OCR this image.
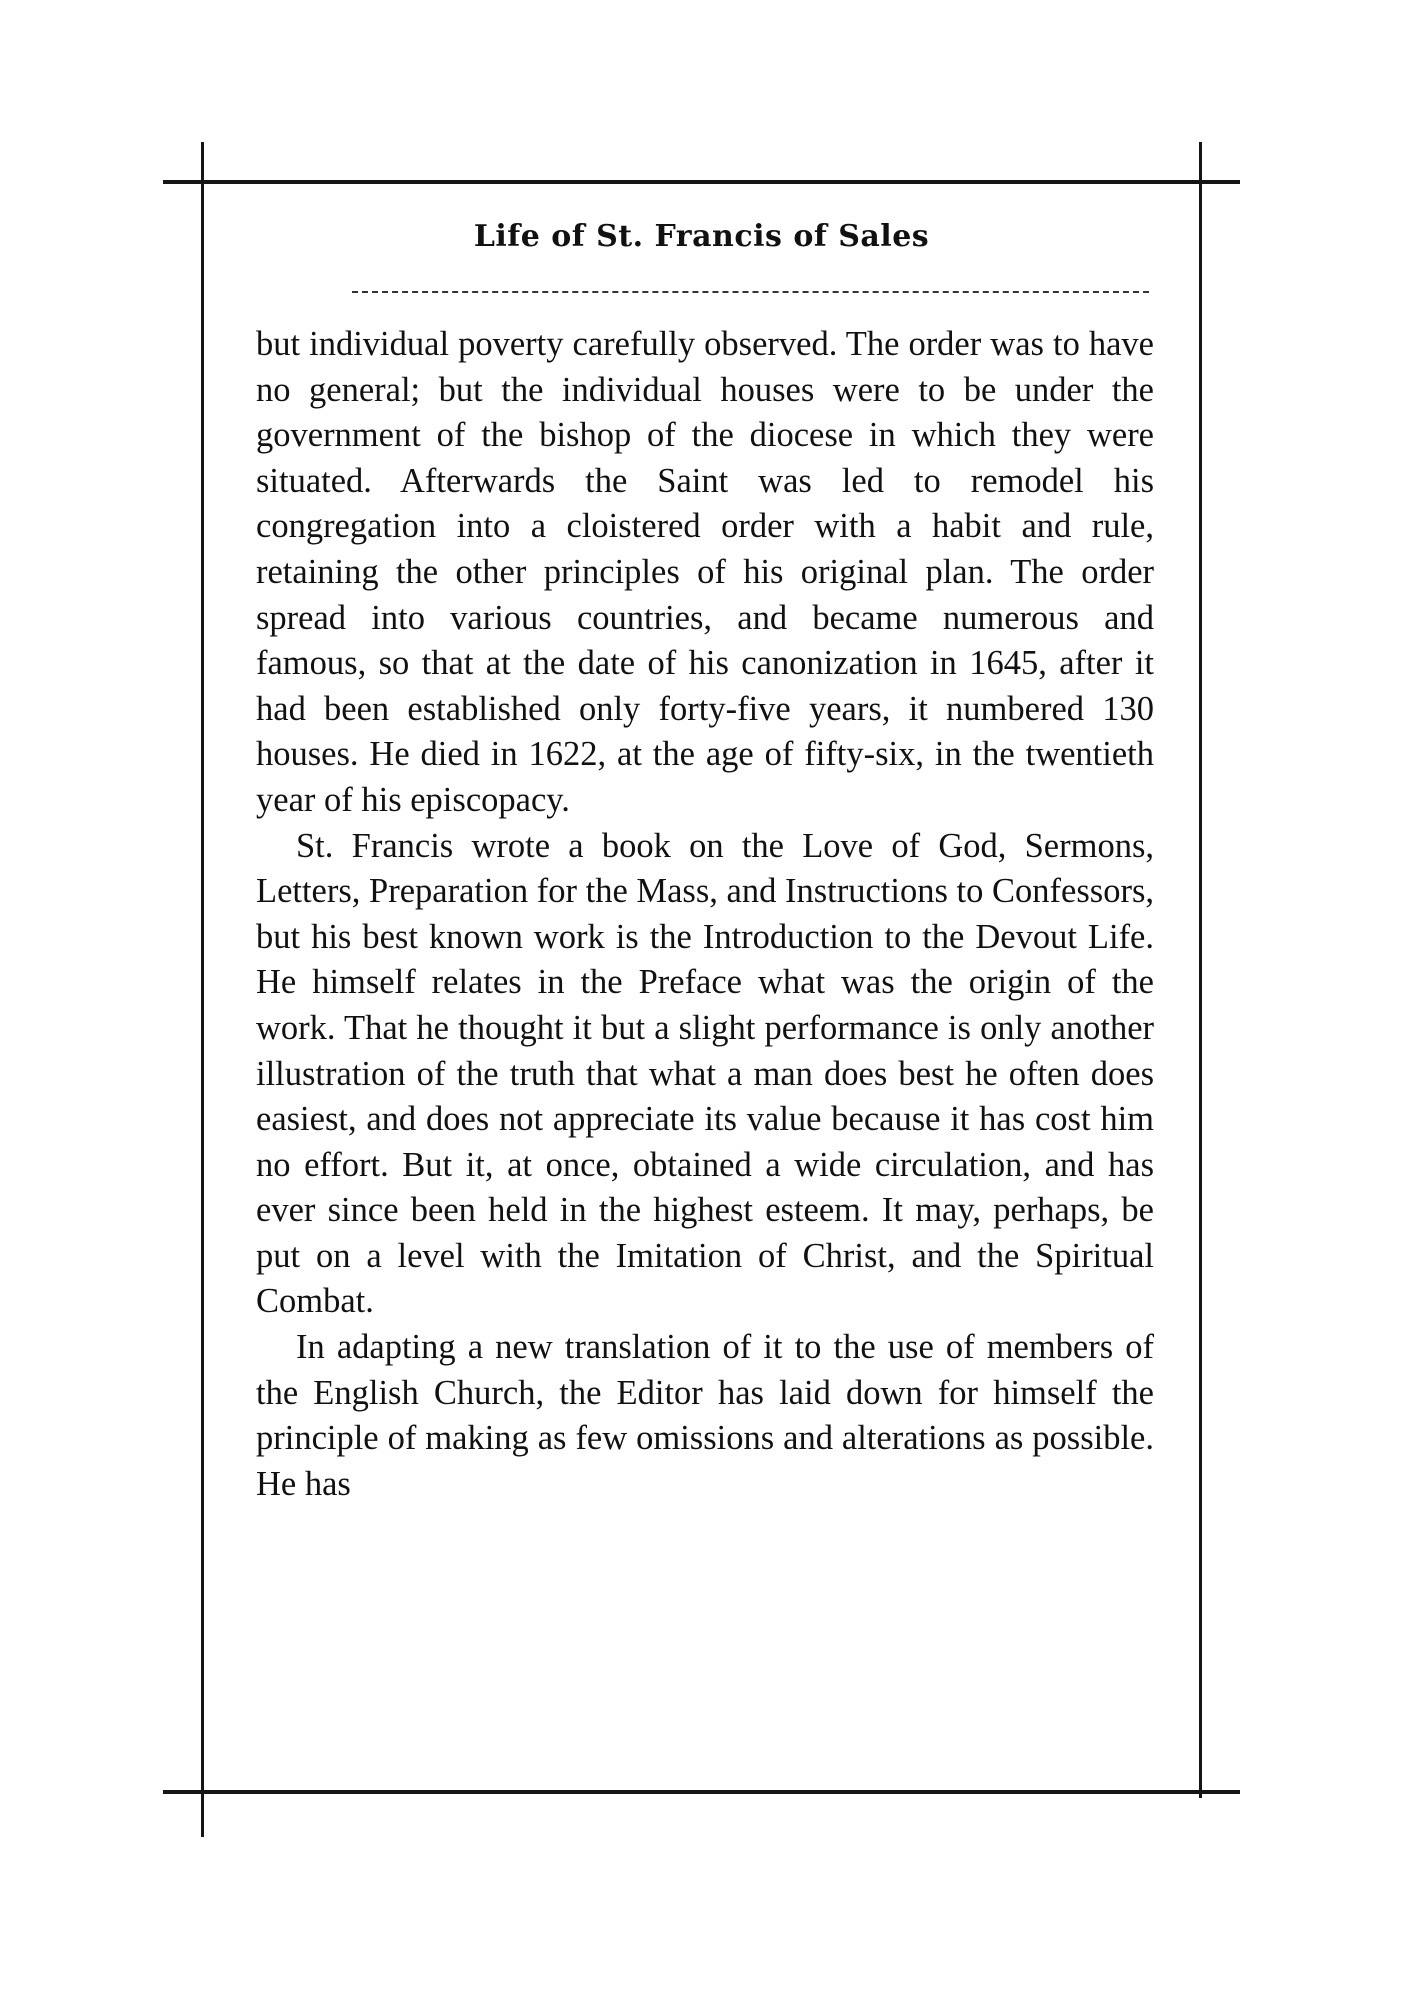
Life of St. Francis of Sales

but individual poverty carefully observed. The order was to have no general; but the individual houses were to be under the government of the bishop of the diocese in which they were situated. Afterwards the Saint was led to remodel his congregation into a cloistered order with a habit and rule, retaining the other principles of his original plan. The order spread into various countries, and became numerous and famous, so that at the date of his canonization in 1645, after it had been established only forty-five years, it numbered 130 houses. He died in 1622, at the age of fifty-six, in the twentieth year of his episcopacy.

St. Francis wrote a book on the Love of God, Sermons, Letters, Preparation for the Mass, and Instructions to Confessors, but his best known work is the Introduction to the Devout Life. He himself relates in the Preface what was the origin of the work. That he thought it but a slight performance is only another illustration of the truth that what a man does best he often does easiest, and does not appreciate its value because it has cost him no effort. But it, at once, obtained a wide circulation, and has ever since been held in the highest esteem. It may, perhaps, be put on a level with the Imitation of Christ, and the Spiritual Combat.

In adapting a new translation of it to the use of members of the English Church, the Editor has laid down for himself the principle of making as few omissions and alterations as possible. He has
